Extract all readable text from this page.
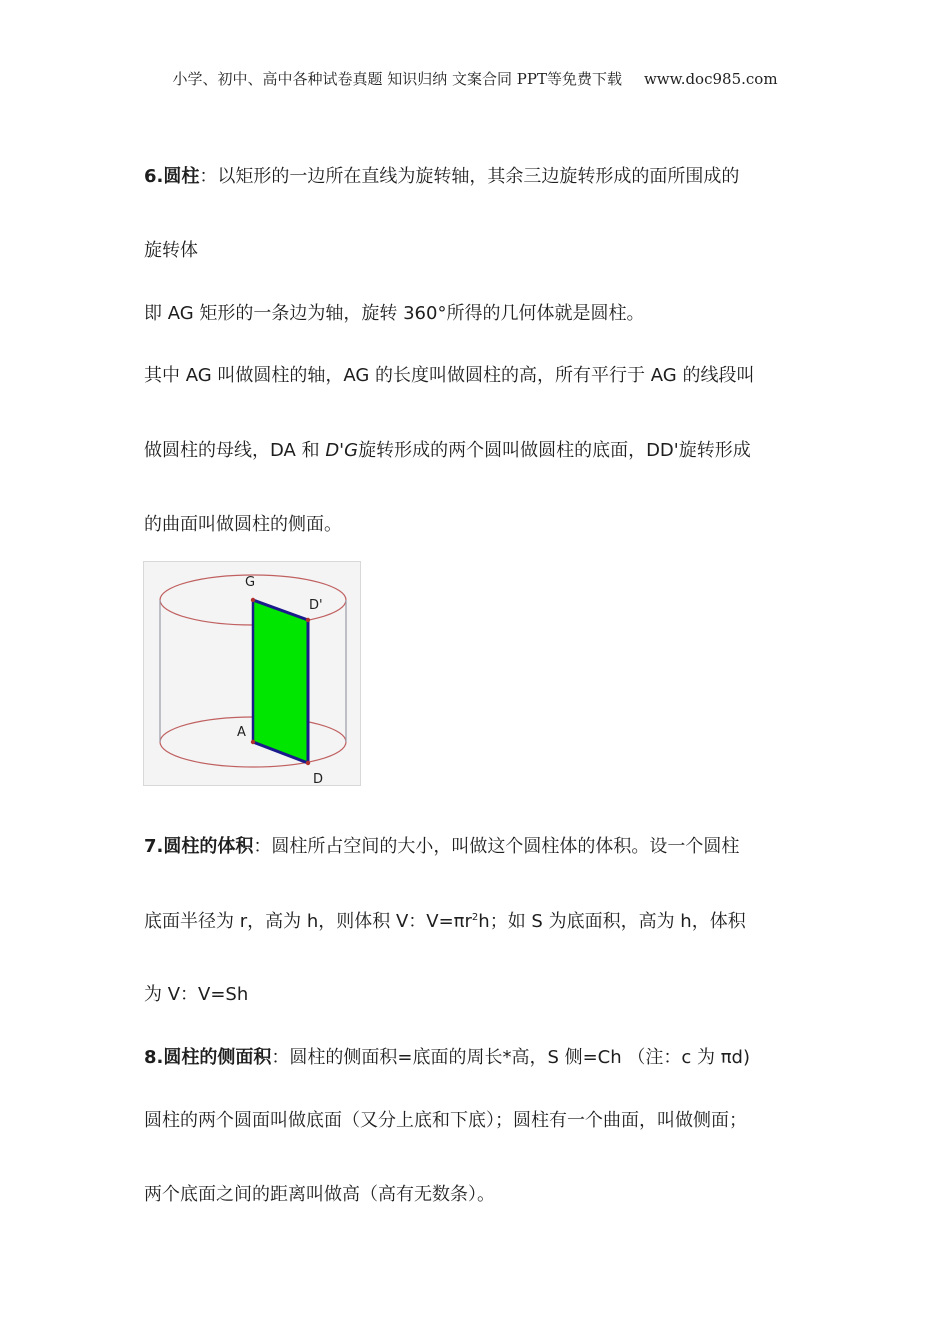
小学、初中、高中各种试卷真题 知识归纳 文案合同 PPT等免费下载 www.doc985.com
6.圆柱：以矩形的一边所在直线为旋转轴，其余三边旋转形成的面所围成的
旋转体
即 AG 矩形的一条边为轴，旋转 360°所得的几何体就是圆柱。
其中 AG 叫做圆柱的轴，AG 的长度叫做圆柱的高，所有平行于 AG 的线段叫
做圆柱的母线，DA 和 D'G旋转形成的两个圆叫做圆柱的底面，DD'旋转形成
的曲面叫做圆柱的侧面。
G
D'
A
D
7.圆柱的体积：圆柱所占空间的大小，叫做这个圆柱体的体积。设一个圆柱
底面半径为 r，高为 h，则体积 V：$V=\pi r^2h$；如 S 为底面积，高为 h，体积
为 V：V=Sh
8.圆柱的侧面积：圆柱的侧面积=底面的周长*高，S 侧=Ch （注：c 为 πd)
圆柱的两个圆面叫做底面（又分上底和下底）；圆柱有一个曲面，叫做侧面；
两个底面之间的距离叫做高（高有无数条）。
